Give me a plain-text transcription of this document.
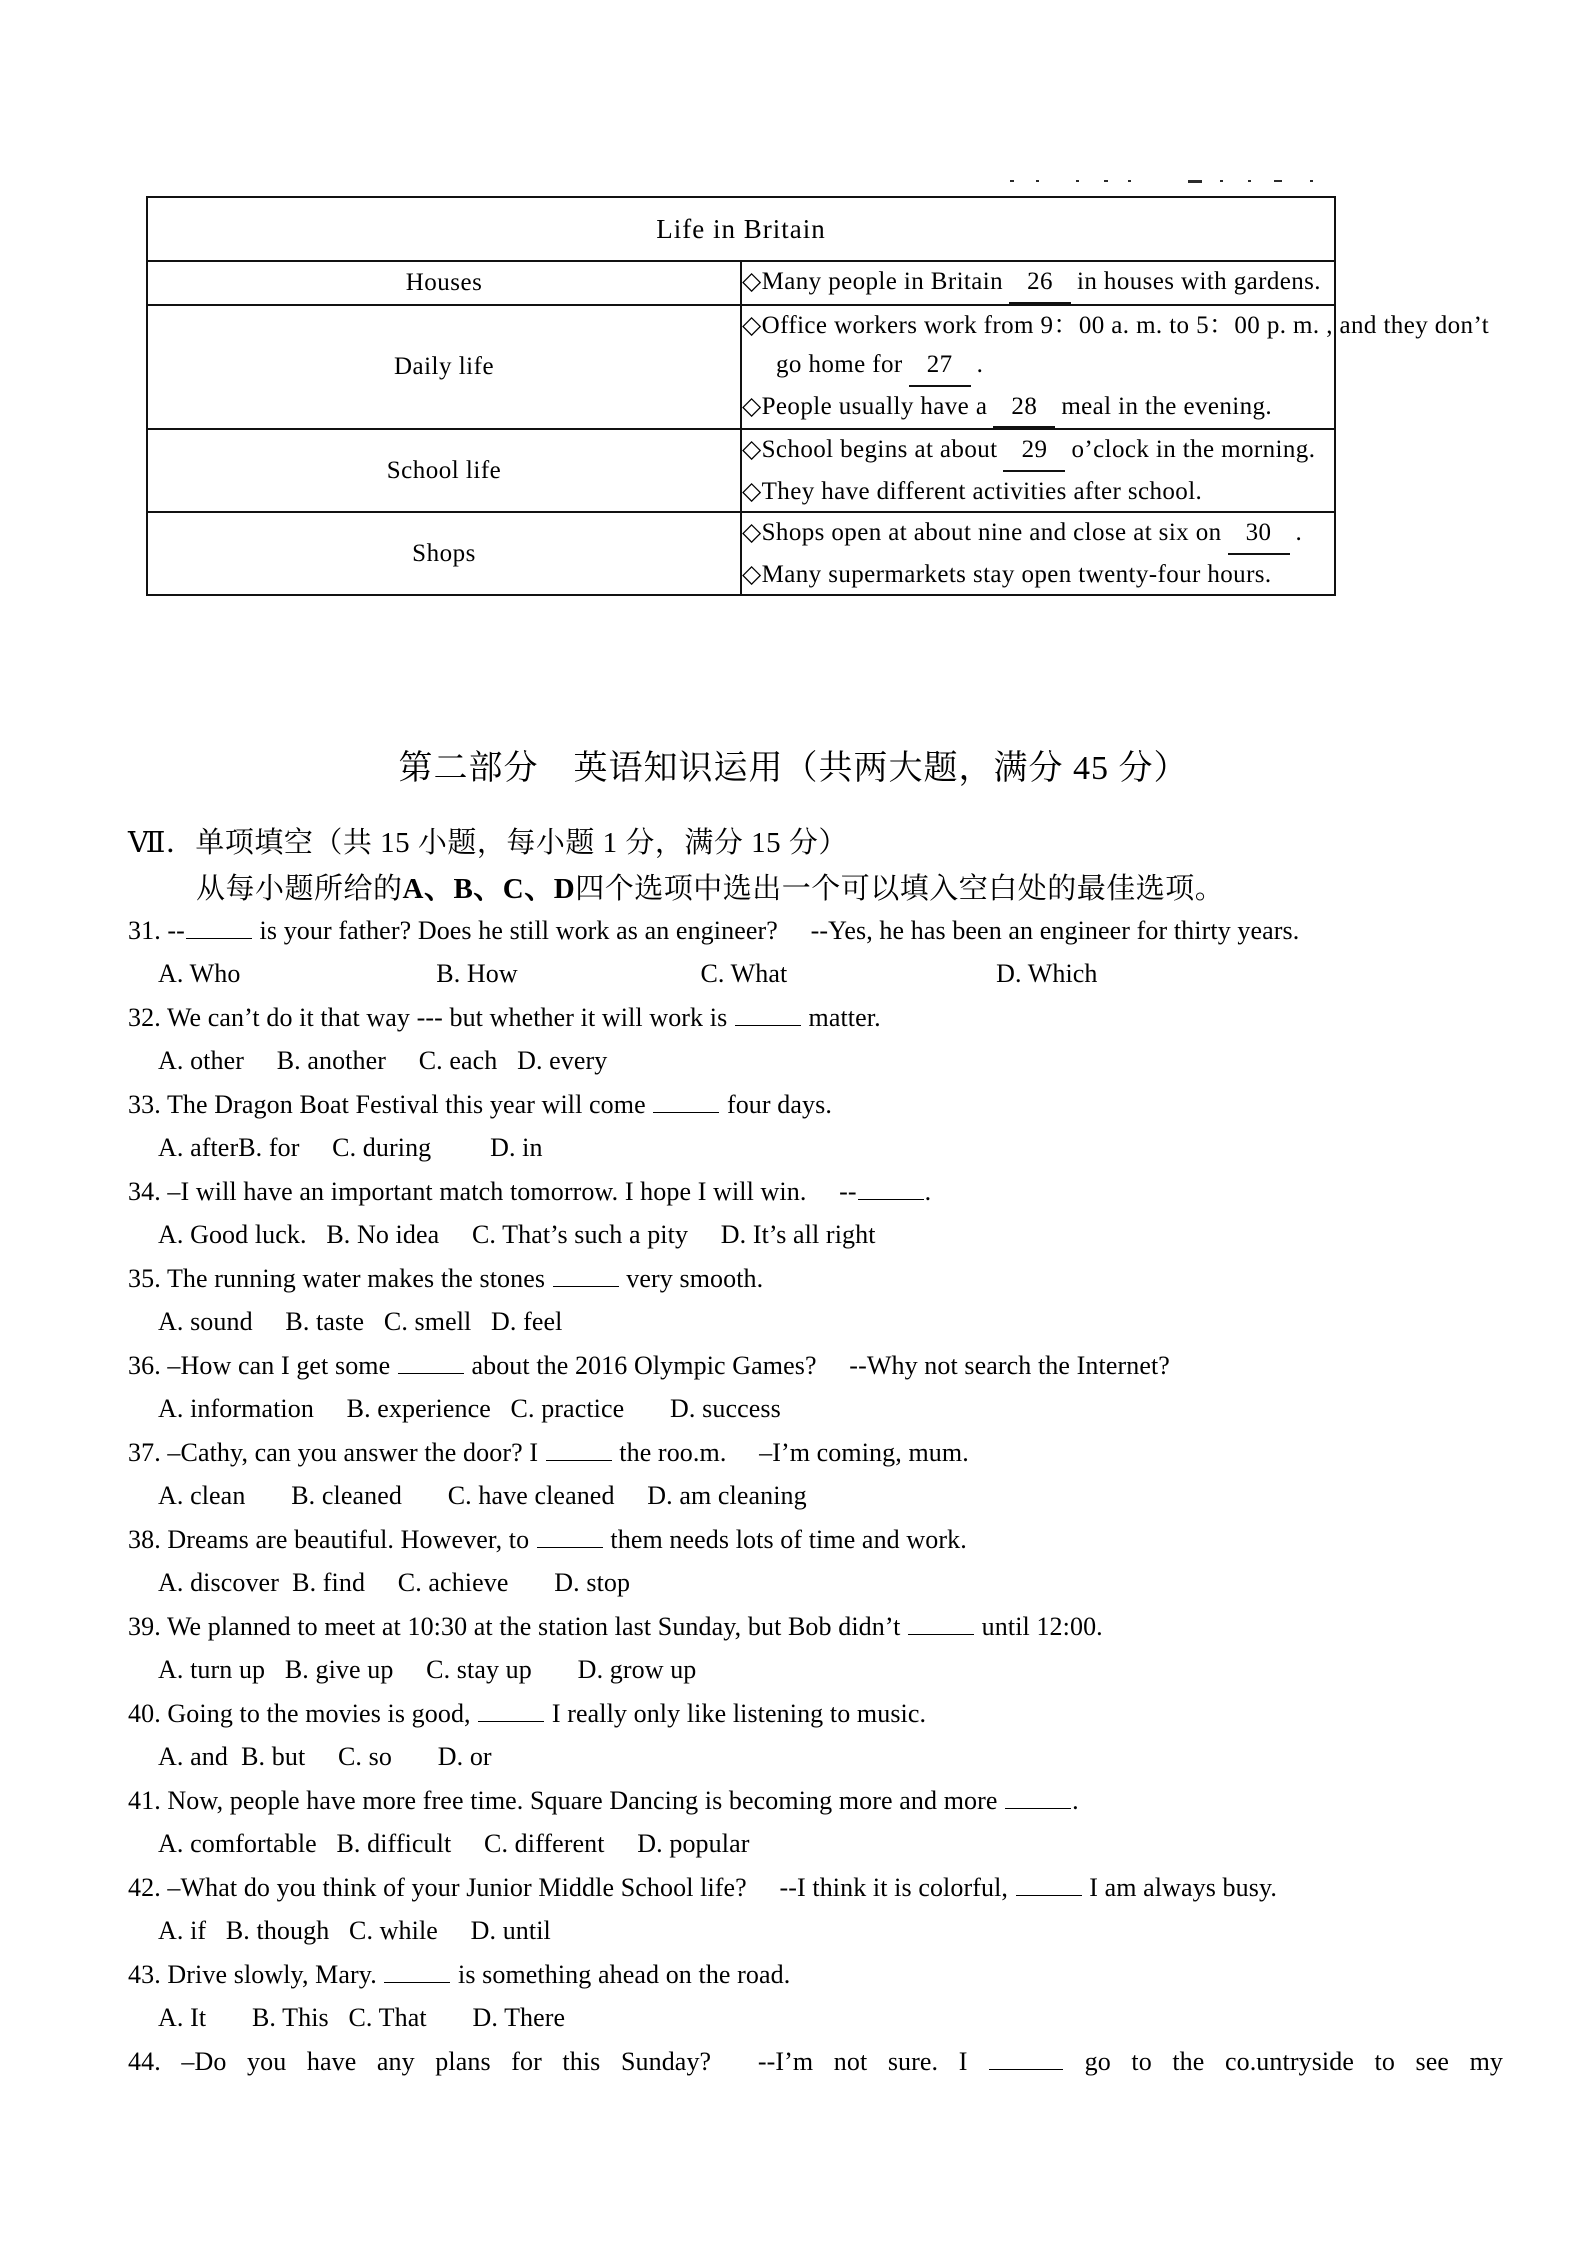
Life in Britain	
Houses	◇Many people in Britain 26 in houses with gardens.

Daily life	◇Office workers work from 9：00 a. m. to 5：00 p. m. , and they don’t
go home for 27 .
◇People usually have a 28 meal in the evening.

School life	◇School begins at about 29 o’clock in the morning.
◇They have different activities after school.

Shops	◇Shops open at about nine and close at six on 30 .
◇Many supermarkets stay open twenty-four hours.
第二部分　英语知识运用（共两大题，满分 45 分）
Ⅶ．单项填空（共 15 小题，每小题 1 分，满分 15 分）
从每小题所给的A、B、C、D四个选项中选出一个可以填入空白处的最佳选项。
31. --	is your father? Does he still work as an engineer?  --Yes, he has been an engineer for thirty years.
A. Who        B. How       C. What        D. Which
32. We can’t do it that way --- but whether it will work is	matter.
A. other  B. another  C. each  D. every
33. The Dragon Boat Festival this year will come	four days.
A. afterB. for  C. during   D. in
34. –I will have an important match tomorrow. I hope I will win.  --	.
A. Good luck.  B. No idea  C. That’s such a pity  D. It’s all right
35. The running water makes the stones	very smooth.
A. sound  B. taste  C. smell  D. feel
36. –How can I get some	about the 2016 Olympic Games?  --Why not search the Internet?
A. information  B. experience  C. practice   D. success
37. –Cathy, can you answer the door? I	the roo.m.  –I’m coming, mum.
A. clean   B. cleaned   C. have cleaned  D. am cleaning
38. Dreams are beautiful. However, to	them needs lots of time and work.
A. discover  B. find  C. achieve   D. stop
39. We planned to meet at 10:30 at the station last Sunday, but Bob didn’t	until 12:00.
A. turn up  B. give up  C. stay up   D. grow up
40. Going to the movies is good,	I really only like listening to music.
A. and  B. but  C. so   D. or
41. Now, people have more free time. Square Dancing is becoming more and more	.
A. comfortable  B. difficult  C. different  D. popular
42. –What do you think of your Junior Middle School life?  --I think it is colorful,	I am always busy.
A. if  B. though  C. while  D. until
43. Drive slowly, Mary.	is something ahead on the road.
A. It   B. This  C. That   D. There
44. –Do you have any plans for this Sunday?  --I’m not sure. I	go to the co.untryside to see my
